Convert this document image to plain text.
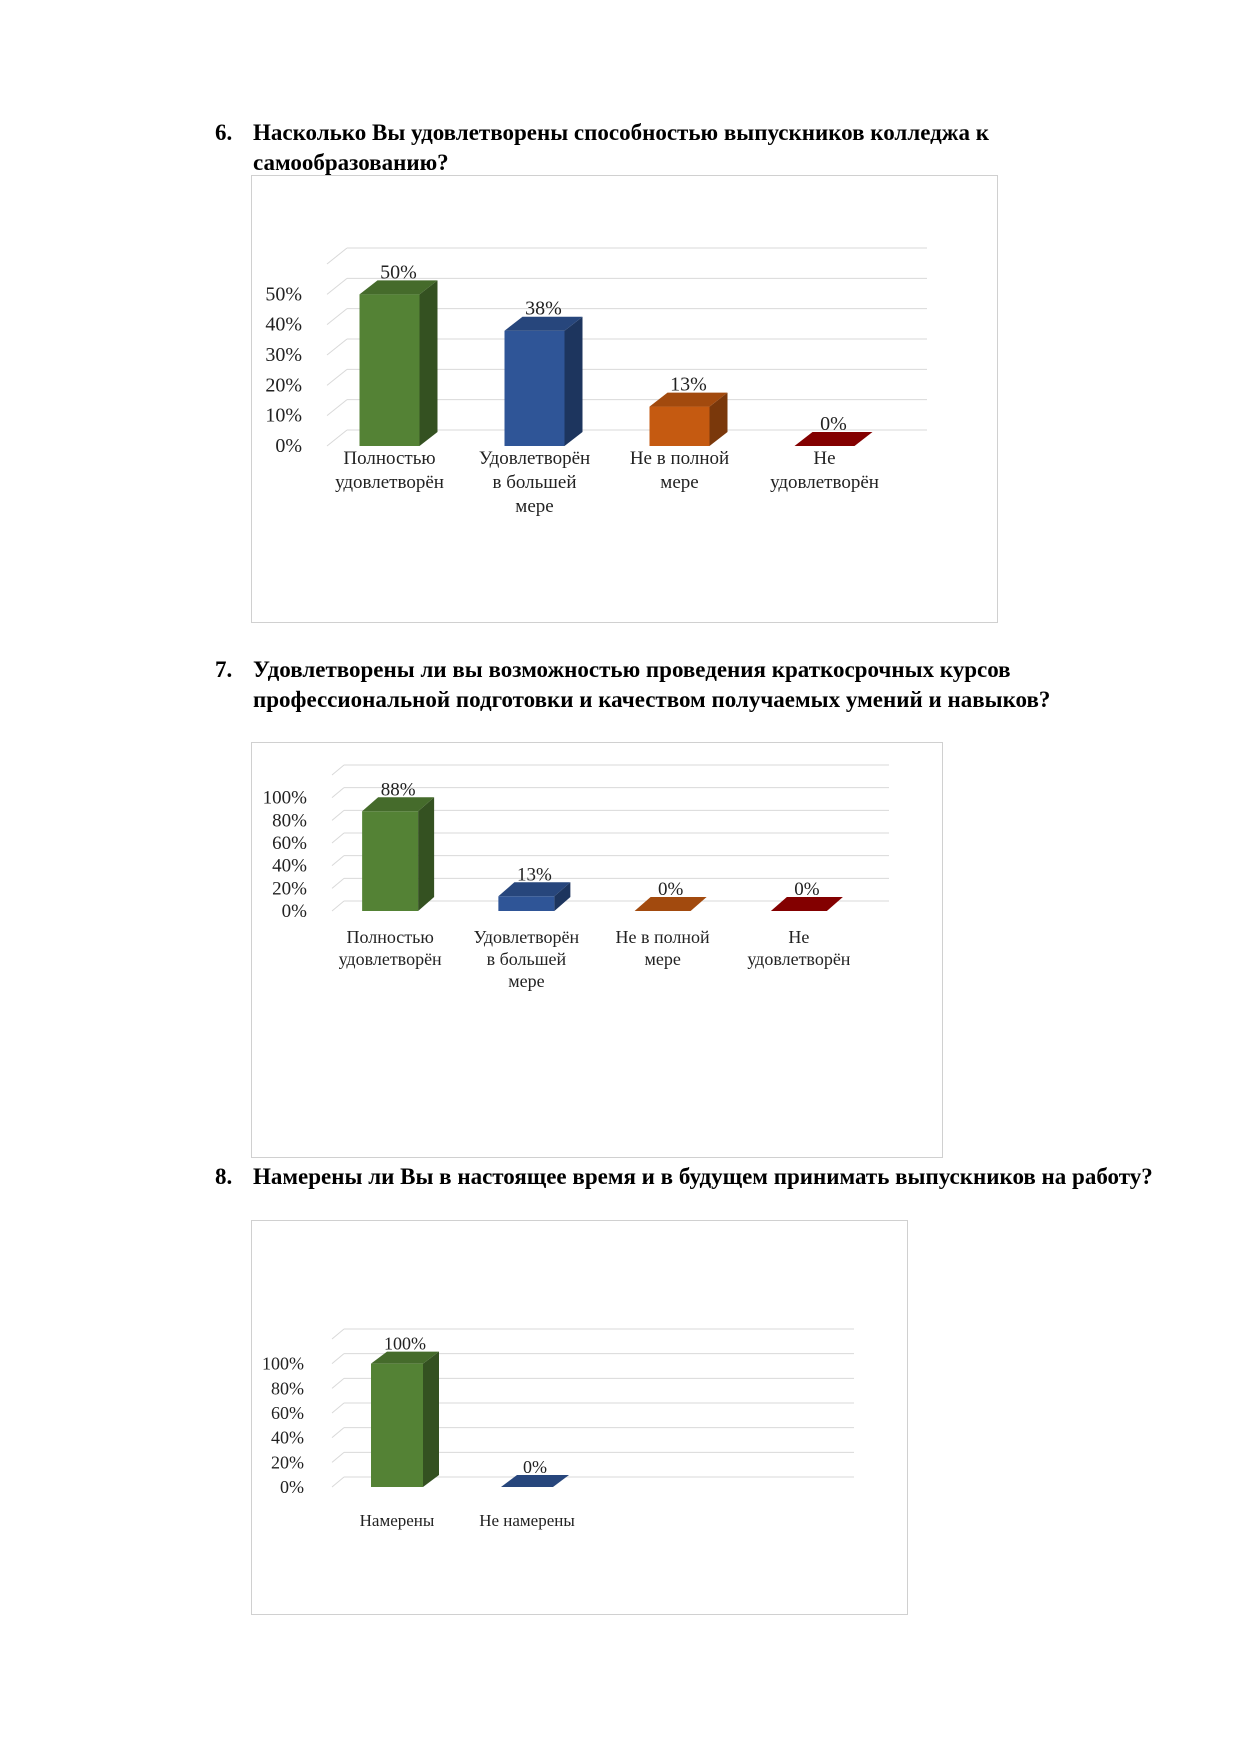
6. Насколько Вы удовлетворены способностью выпускников колледжа к самообразованию?
0%
10%
20%
30%
40%
50%
50%
Полностью
удовлетворён
38%
Удовлетворён
в большей
мере
13%
Не в полной
мере
0%
Не
удовлетворён
7. Удовлетворены ли вы возможностью проведения краткосрочных курсов профессиональной подготовки и качеством получаемых умений и навыков?
0%
20%
40%
60%
80%
100%	88%
Полностью
удовлетворён
13%
Удовлетворён
в большей
мере
0%
Не в полной
мере
0%
Не
удовлетворён
8. Намерены ли Вы в настоящее время и в будущем принимать выпускников на работу?
0%
20%
40%
60%
80%
100%
100%
Намерены
0%
Не намерены
